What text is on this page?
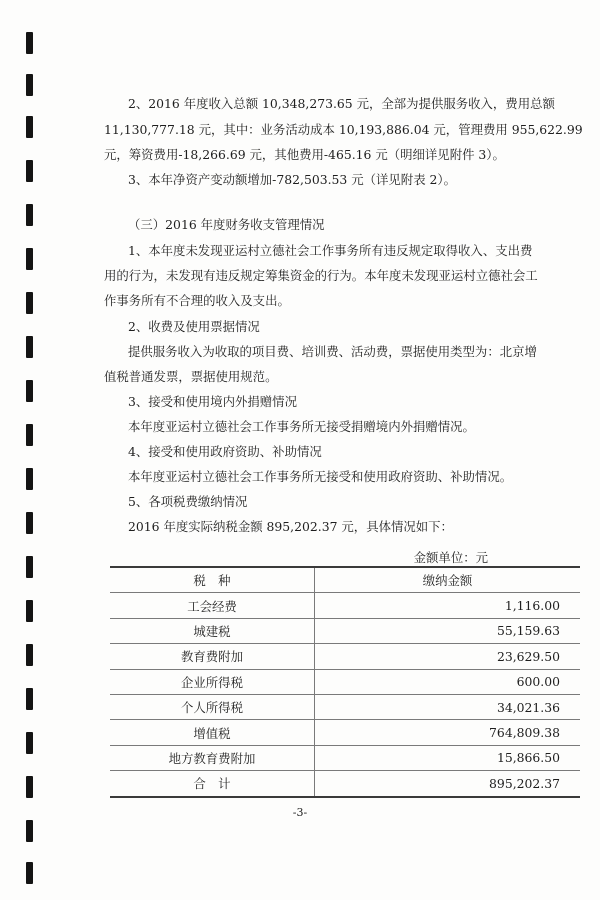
2、2016 年度收入总额 10,348,273.65 元，全部为提供服务收入，费用总额
11,130,777.18 元，其中：业务活动成本 10,193,886.04 元，管理费用 955,622.99
元，筹资费用-18,266.69 元，其他费用-465.16 元（明细详见附件 3）。
3、本年净资产变动额增加-782,503.53 元（详见附表 2）。
（三）2016 年度财务收支管理情况
1、本年度未发现亚运村立德社会工作事务所有违反规定取得收入、支出费
用的行为，未发现有违反规定筹集资金的行为。本年度未发现亚运村立德社会工
作事务所有不合理的收入及支出。
2、收费及使用票据情况
提供服务收入为收取的项目费、培训费、活动费，票据使用类型为：北京增
值税普通发票，票据使用规范。
3、接受和使用境内外捐赠情况
本年度亚运村立德社会工作事务所无接受捐赠境内外捐赠情况。
4、接受和使用政府资助、补助情况
本年度亚运村立德社会工作事务所无接受和使用政府资助、补助情况。
5、各项税费缴纳情况
2016 年度实际纳税金额 895,202.37 元，具体情况如下：
金额单位：元
税　种	缴纳金额
工会经费	1,116.00
城建税	55,159.63
教育费附加	23,629.50
企业所得税	600.00
个人所得税	34,021.36
增值税	764,809.38
地方教育费附加	15,866.50
合　计	895,202.37
-3-
